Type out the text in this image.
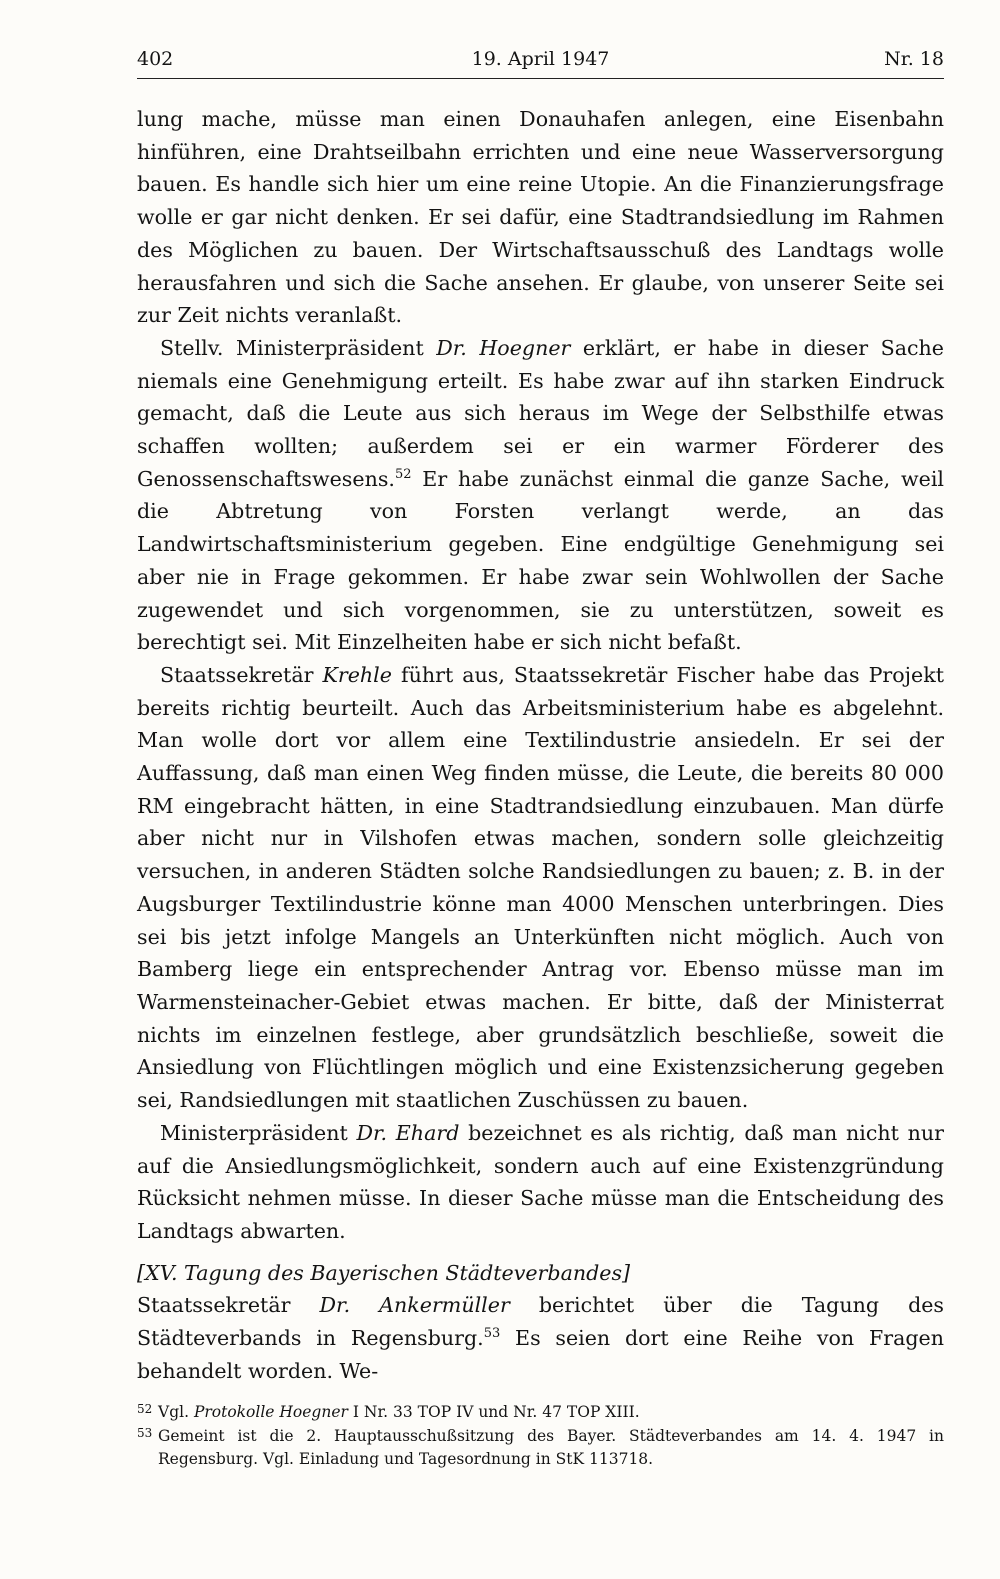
402	19. April 1947	Nr. 18

lung mache, müsse man einen Donauhafen anlegen, eine Eisenbahn hinführen, eine Drahtseilbahn errichten und eine neue Wasserversorgung bauen. Es handle sich hier um eine reine Utopie. An die Finanzierungsfrage wolle er gar nicht denken. Er sei dafür, eine Stadtrandsiedlung im Rahmen des Möglichen zu bauen. Der Wirtschaftsausschuß des Landtags wolle herausfahren und sich die Sache ansehen. Er glaube, von unserer Seite sei zur Zeit nichts veranlaßt.

Stellv. Ministerpräsident Dr. Hoegner erklärt, er habe in dieser Sache niemals eine Genehmigung erteilt. Es habe zwar auf ihn starken Eindruck gemacht, daß die Leute aus sich heraus im Wege der Selbsthilfe etwas schaffen wollten; außerdem sei er ein warmer Förderer des Genossenschaftswesens.$^{52}$ Er habe zunächst einmal die ganze Sache, weil die Abtretung von Forsten verlangt werde, an das Landwirtschaftsministerium gegeben. Eine endgültige Genehmigung sei aber nie in Frage gekommen. Er habe zwar sein Wohlwollen der Sache zugewendet und sich vorgenommen, sie zu unterstützen, soweit es berechtigt sei. Mit Einzelheiten habe er sich nicht befaßt.

Staatssekretär Krehle führt aus, Staatssekretär Fischer habe das Projekt bereits richtig beurteilt. Auch das Arbeitsministerium habe es abgelehnt. Man wolle dort vor allem eine Textilindustrie ansiedeln. Er sei der Auffassung, daß man einen Weg finden müsse, die Leute, die bereits 80 000 RM eingebracht hätten, in eine Stadtrandsiedlung einzubauen. Man dürfe aber nicht nur in Vilshofen etwas machen, sondern solle gleichzeitig versuchen, in anderen Städten solche Randsiedlungen zu bauen; z. B. in der Augsburger Textilindustrie könne man 4000 Menschen unterbringen. Dies sei bis jetzt infolge Mangels an Unterkünften nicht möglich. Auch von Bamberg liege ein entsprechender Antrag vor. Ebenso müsse man im Warmensteinacher-Gebiet etwas machen. Er bitte, daß der Ministerrat nichts im einzelnen festlege, aber grundsätzlich beschließe, soweit die Ansiedlung von Flüchtlingen möglich und eine Existenzsicherung gegeben sei, Randsiedlungen mit staatlichen Zuschüssen zu bauen.

Ministerpräsident Dr. Ehard bezeichnet es als richtig, daß man nicht nur auf die Ansiedlungsmöglichkeit, sondern auch auf eine Existenzgründung Rücksicht nehmen müsse. In dieser Sache müsse man die Entscheidung des Landtags abwarten.

[XV. Tagung des Bayerischen Städteverbandes]

Staatssekretär Dr. Ankermüller berichtet über die Tagung des Städteverbands in Regensburg.$^{53}$ Es seien dort eine Reihe von Fragen behandelt worden. We-

52 Vgl. Protokolle Hoegner I Nr. 33 TOP IV und Nr. 47 TOP XIII.
53 Gemeint ist die 2. Hauptausschußsitzung des Bayer. Städteverbandes am 14. 4. 1947 in Regensburg. Vgl. Einladung und Tagesordnung in StK 113718.
